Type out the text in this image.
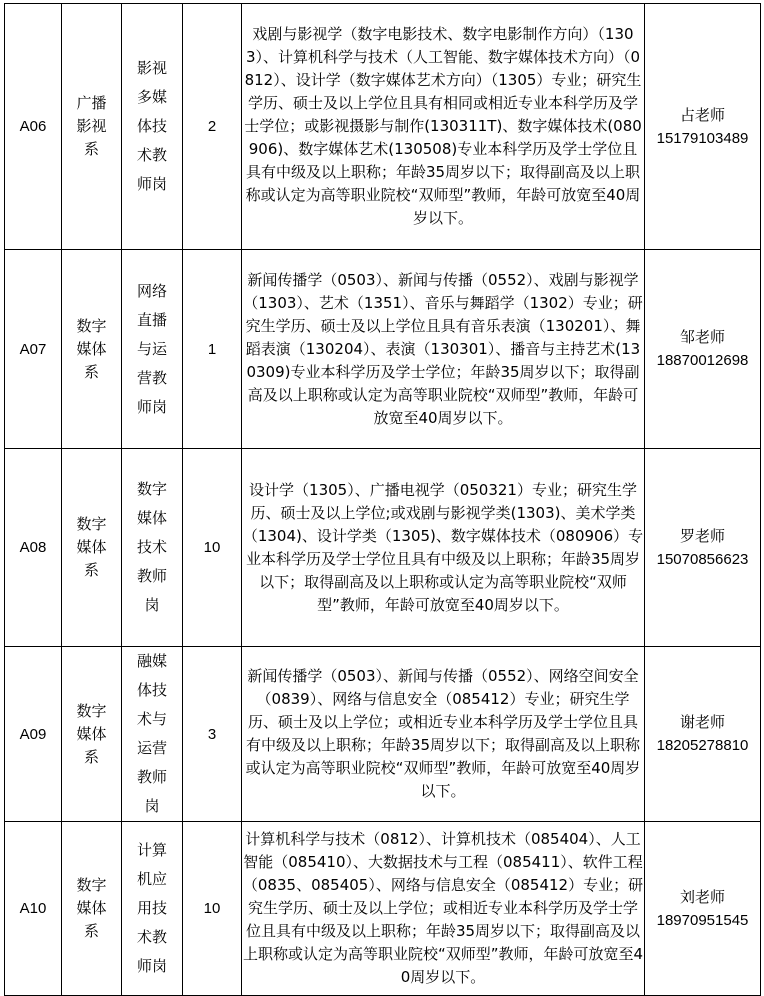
A06	广播影视系	影视多媒体技术教师岗	2	戏剧与影视学（数字电影技术、数字电影制作方向）（1303）、计算机科学与技术（人工智能、数字媒体技术方向）（0812）、设计学（数字媒体艺术方向）（1305）专业；研究生学历、硕士及以上学位且具有相同或相近专业本科学历及学士学位；或影视摄影与制作(130311T)、数字媒体技术(080906)、数字媒体艺术(130508)专业本科学历及学士学位且具有中级及以上职称；年龄35周岁以下；取得副高及以上职称或认定为高等职业院校“双师型”教师，年龄可放宽至40周岁以下。	占老师
15179103489

A07	数字媒体系	网络直播与运营教师岗	1	新闻传播学（0503）、新闻与传播（0552）、戏剧与影视学（1303）、艺术（1351）、音乐与舞蹈学（1302）专业；研究生学历、硕士及以上学位且具有音乐表演（130201）、舞蹈表演（130204）、表演（130301）、播音与主持艺术(130309)专业本科学历及学士学位；年龄35周岁以下；取得副高及以上职称或认定为高等职业院校“双师型”教师，年龄可放宽至40周岁以下。	邹老师
18870012698

A08	数字媒体系	数字媒体技术教师岗	10	设计学（1305）、广播电视学（050321）专业；研究生学历、硕士及以上学位;或戏剧与影视学类(1303)、美术学类（1304)、设计学类（1305)、数字媒体技术（080906）专业本科学历及学士学位且具有中级及以上职称；年龄35周岁以下；取得副高及以上职称或认定为高等职业院校“双师型”教师，年龄可放宽至40周岁以下。	罗老师
15070856623

A09	数字媒体系	融媒体技术与运营教师岗	3	新闻传播学（0503）、新闻与传播（0552）、网络空间安全（0839）、网络与信息安全（085412）专业；研究生学历、硕士及以上学位；或相近专业本科学历及学士学位且具有中级及以上职称；年龄35周岁以下；取得副高及以上职称或认定为高等职业院校“双师型”教师，年龄可放宽至40周岁以下。	谢老师
18205278810

A10	数字媒体系	计算机应用技术教师岗	10	计算机科学与技术（0812）、计算机技术（085404）、人工智能（085410）、大数据技术与工程（085411）、软件工程（0835、085405）、网络与信息安全（085412）专业；研究生学历、硕士及以上学位；或相近专业本科学历及学士学位且具有中级及以上职称；年龄35周岁以下；取得副高及以上职称或认定为高等职业院校“双师型”教师，年龄可放宽至40周岁以下。	刘老师
18970951545
